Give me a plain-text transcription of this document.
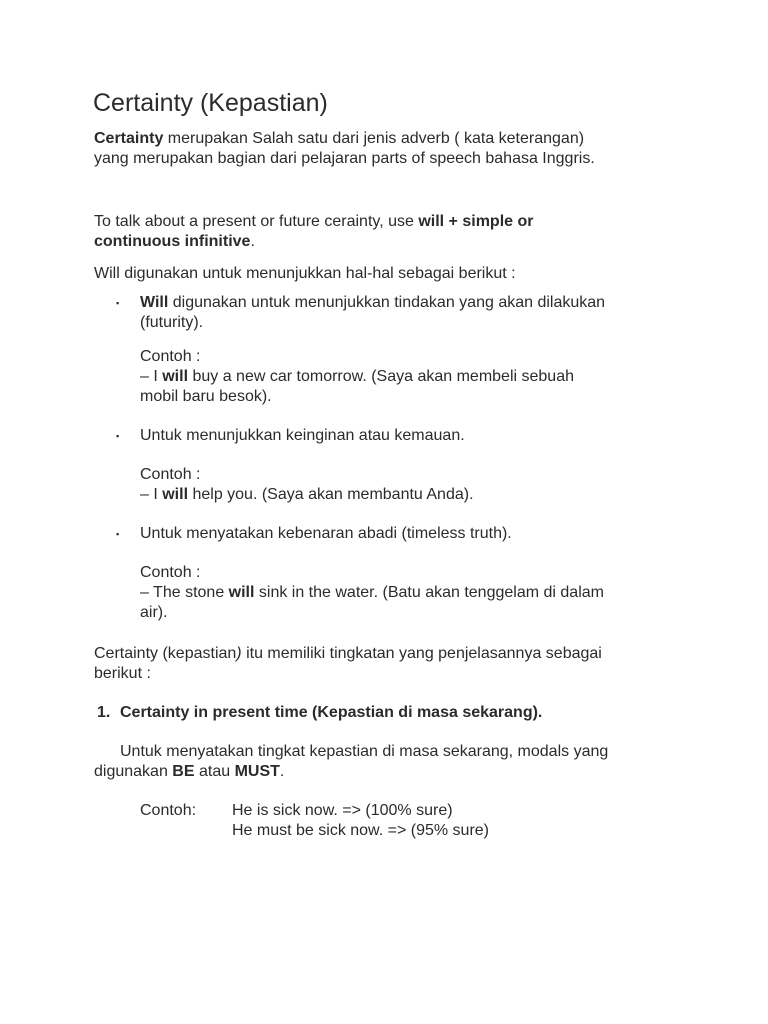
Certainty (Kepastian)

Certainty merupakan Salah satu dari jenis adverb ( kata keterangan)
yang merupakan bagian dari pelajaran parts of speech bahasa Inggris.

To talk about a present or future cerainty, use will + simple or
continuous infinitive.

Will digunakan untuk menunjukkan hal-hal sebagai berikut :

▪ Will digunakan untuk menunjukkan tindakan yang akan dilakukan
(futurity).

Contoh :
– I will buy a new car tomorrow. (Saya akan membeli sebuah
mobil baru besok).

▪ Untuk menunjukkan keinginan atau kemauan.

Contoh :
– I will help you. (Saya akan membantu Anda).

▪ Untuk menyatakan kebenaran abadi (timeless truth).

Contoh :
– The stone will sink in the water. (Batu akan tenggelam di dalam
air).

Certainty (kepastian) itu memiliki tingkatan yang penjelasannya sebagai
berikut :

1. Certainty in present time (Kepastian di masa sekarang).

Untuk menyatakan tingkat kepastian di masa sekarang, modals yang
digunakan BE atau MUST.

Contoh: He is sick now. => (100% sure)
He must be sick now. => (95% sure)
